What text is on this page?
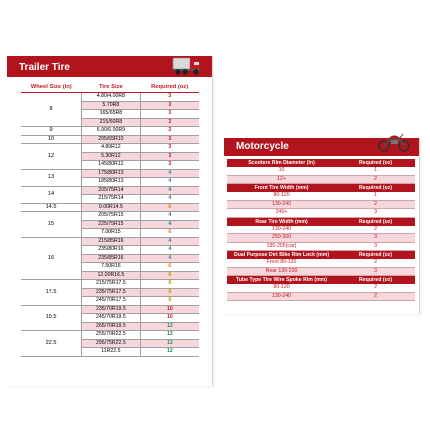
Trailer Tire
Wheel Size (in)	Tire Size	Required (oz)
8	4.80/4.00R8	3
	5.70R8	3
	165/65R8	3
	215/60R8	3
9	6.90/6.00R9	3
10	205/65R10	3
12	4.80R12	3
	5.30R12	3
	145/80R12	3
13	175/80R13	4
	185/80R13	4
14	205/75R14	4
	215/75R14	4
14.5	9.00R14.5	6
15	205/75R15	4
	225/75R15	4
	7.00R15	6
16	215/85R16	4
	235/80R16	4
	235/85R16	4
	7.50R16	6
	12.00R16.5	8
17.5	215/75R17.5	8
	235/75R17.5	8
	245/70R17.5	8
19.5	235/70R19.5	10
	245/70R19.5	10
	265/70R19.5	12
22.5	255/70R22.5	12
	295/75R22.5	12
	11R22.5	12
Motorcycle
Scooters Rim Diameter (in)	Required (oz)
10	1
12+	2
Front Tire Width (mm)	Required (oz)
80-120	1
130-240	2
240+	3
Rear Tire Width (mm)	Required (oz)
130-240	2
250-360	3
195-205(car)	3
Dual Purpose Dirt Bike Rim Lock (mm)	Required (oz)
Front 80-120	2
Rear 130-230	3
Tube Type Tire Wire Spoke Rim (mm)	Required (oz)
80-120	2
130-240	2
